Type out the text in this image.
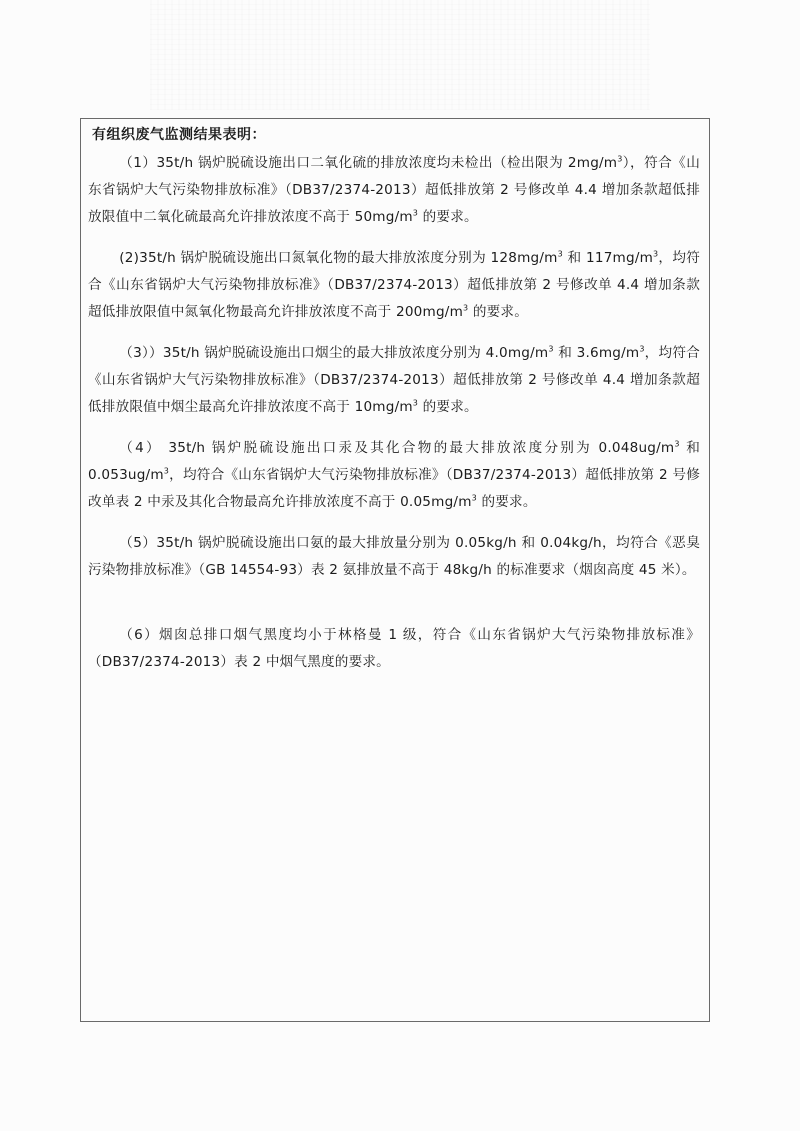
有组织废气监测结果表明：

（1）35t/h 锅炉脱硫设施出口二氧化硫的排放浓度均未检出（检出限为 $2mg/m^3$），符合《山东省锅炉大气污染物排放标准》（DB37/2374-2013）超低排放第 2 号修改单 4.4 增加条款超低排放限值中二氧化硫最高允许排放浓度不高于 $50mg/m^3$ 的要求。

(2)35t/h 锅炉脱硫设施出口氮氧化物的最大排放浓度分别为 $128mg/m^3$ 和 $117mg/m^3$，均符合《山东省锅炉大气污染物排放标准》（DB37/2374-2013）超低排放第 2 号修改单 4.4 增加条款超低排放限值中氮氧化物最高允许排放浓度不高于 $200mg/m^3$ 的要求。

（3））35t/h 锅炉脱硫设施出口烟尘的最大排放浓度分别为 $4.0mg/m^3$ 和 $3.6mg/m^3$，均符合《山东省锅炉大气污染物排放标准》（DB37/2374-2013）超低排放第 2 号修改单 4.4 增加条款超低排放限值中烟尘最高允许排放浓度不高于 $10mg/m^3$ 的要求。

（4） 35t/h 锅炉脱硫设施出口汞及其化合物的最大排放浓度分别为 $0.048ug/m^3$ 和 $0.053ug/m^3$，均符合《山东省锅炉大气污染物排放标准》（DB37/2374-2013）超低排放第 2 号修改单表 2 中汞及其化合物最高允许排放浓度不高于 $0.05mg/m^3$ 的要求。

（5）35t/h 锅炉脱硫设施出口氨的最大排放量分别为 0.05kg/h 和 0.04kg/h，均符合《恶臭污染物排放标准》（GB 14554-93）表 2 氨排放量不高于 48kg/h 的标准要求（烟囱高度 45 米）。

（6）烟囱总排口烟气黑度均小于林格曼 1 级，符合《山东省锅炉大气污染物排放标准》（DB37/2374-2013）表 2 中烟气黑度的要求。
